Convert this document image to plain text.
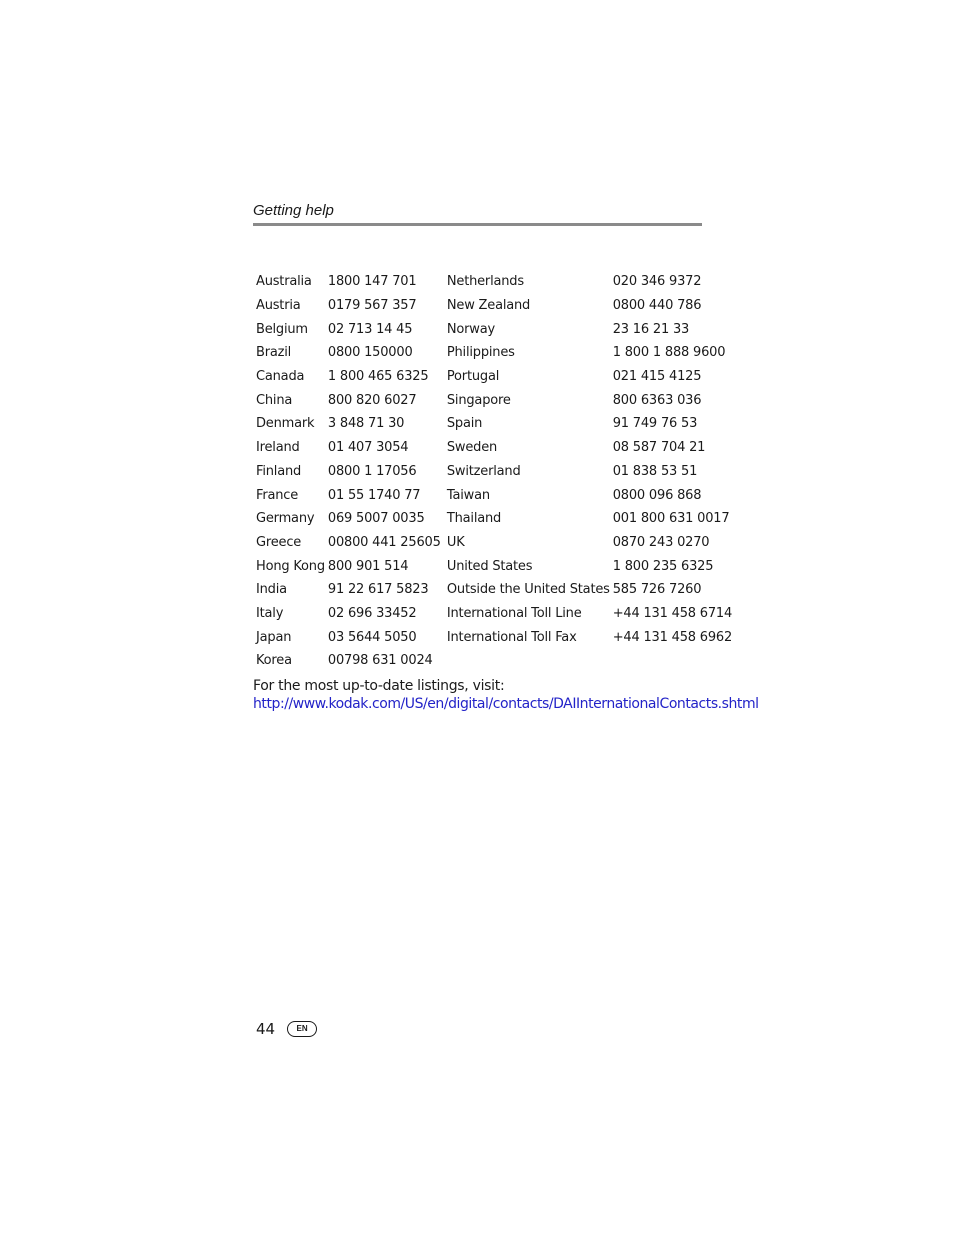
Getting help
Australia	1800 147 701	Netherlands	020 346 9372
Austria	0179 567 357	New Zealand	0800 440 786
Belgium	02 713 14 45	Norway	23 16 21 33
Brazil	0800 150000	Philippines	1 800 1 888 9600
Canada	1 800 465 6325	Portugal	021 415 4125
China	800 820 6027	Singapore	800 6363 036
Denmark	3 848 71 30	Spain	91 749 76 53
Ireland	01 407 3054	Sweden	08 587 704 21
Finland	0800 1 17056	Switzerland	01 838 53 51
France	01 55 1740 77	Taiwan	0800 096 868
Germany	069 5007 0035	Thailand	001 800 631 0017
Greece	00800 441 25605	UK	0870 243 0270
Hong Kong	800 901 514	United States	1 800 235 6325
India	91 22 617 5823	Outside the United States	585 726 7260
Italy	02 696 33452	International Toll Line	+44 131 458 6714
Japan	03 5644 5050	International Toll Fax	+44 131 458 6962
Korea	00798 631 0024		
For the most up-to-date listings, visit:
http://www.kodak.com/US/en/digital/contacts/DAIInternationalContacts.shtml
44	EN
